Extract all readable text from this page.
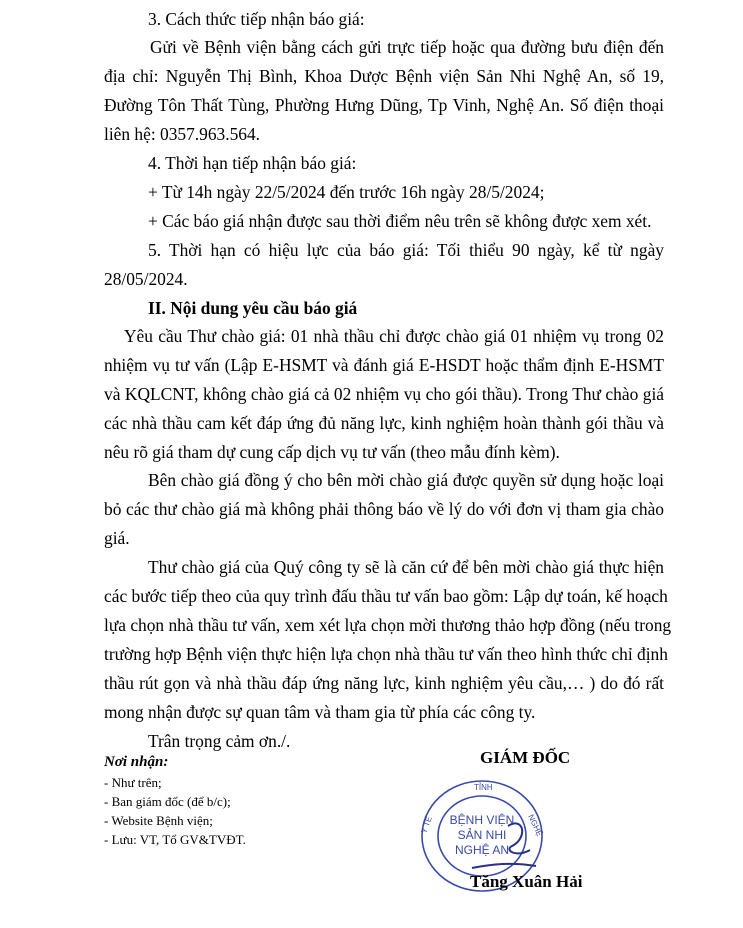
3. Cách thức tiếp nhận báo giá:
Gửi về Bệnh viện bằng cách gửi trực tiếp hoặc qua đường bưu điện đến
địa chỉ: Nguyễn Thị Bình, Khoa Dược Bệnh viện Sản Nhi Nghệ An, số 19,
Đường Tôn Thất Tùng, Phường Hưng Dũng, Tp Vinh, Nghệ An. Số điện thoại
liên hệ: 0357.963.564.
4. Thời hạn tiếp nhận báo giá:
+ Từ 14h ngày 22/5/2024 đến trước 16h ngày 28/5/2024;
+ Các báo giá nhận được sau thời điểm nêu trên sẽ không được xem xét.
5. Thời hạn có hiệu lực của báo giá: Tối thiểu 90 ngày, kể từ ngày
28/05/2024.
II. Nội dung yêu cầu báo giá
Yêu cầu Thư chào giá: 01 nhà thầu chỉ được chào giá 01 nhiệm vụ trong 02
nhiệm vụ tư vấn (Lập E-HSMT và đánh giá E-HSDT hoặc thẩm định E-HSMT
và KQLCNT, không chào giá cả 02 nhiệm vụ cho gói thầu). Trong Thư chào giá
các nhà thầu cam kết đáp ứng đủ năng lực, kinh nghiệm hoàn thành gói thầu và
nêu rõ giá tham dự cung cấp dịch vụ tư vấn (theo mẫu đính kèm).
Bên chào giá đồng ý cho bên mời chào giá được quyền sử dụng hoặc loại
bỏ các thư chào giá mà không phải thông báo về lý do với đơn vị tham gia chào
giá.
Thư chào giá của Quý công ty sẽ là căn cứ để bên mời chào giá thực hiện
các bước tiếp theo của quy trình đấu thầu tư vấn bao gồm: Lập dự toán, kế hoạch
lựa chọn nhà thầu tư vấn, xem xét lựa chọn mời thương thảo hợp đồng (nếu trong
trường hợp Bệnh viện thực hiện lựa chọn nhà thầu tư vấn theo hình thức chỉ định
thầu rút gọn và nhà thầu đáp ứng năng lực, kinh nghiệm yêu cầu,… ) do đó rất
mong nhận được sự quan tâm và tham gia từ phía các công ty.
Trân trọng cảm ơn./.
Nơi nhận:
- Như trên;
- Ban giám đốc (để b/c);
- Website Bệnh viện;
- Lưu: VT, Tổ GV&TVĐT.
GIÁM ĐỐC
TỈNH
Y TẾ	NGHỆ
BỆNH VIỆN
SẢN NHI
NGHỆ AN
Tăng Xuân Hải
